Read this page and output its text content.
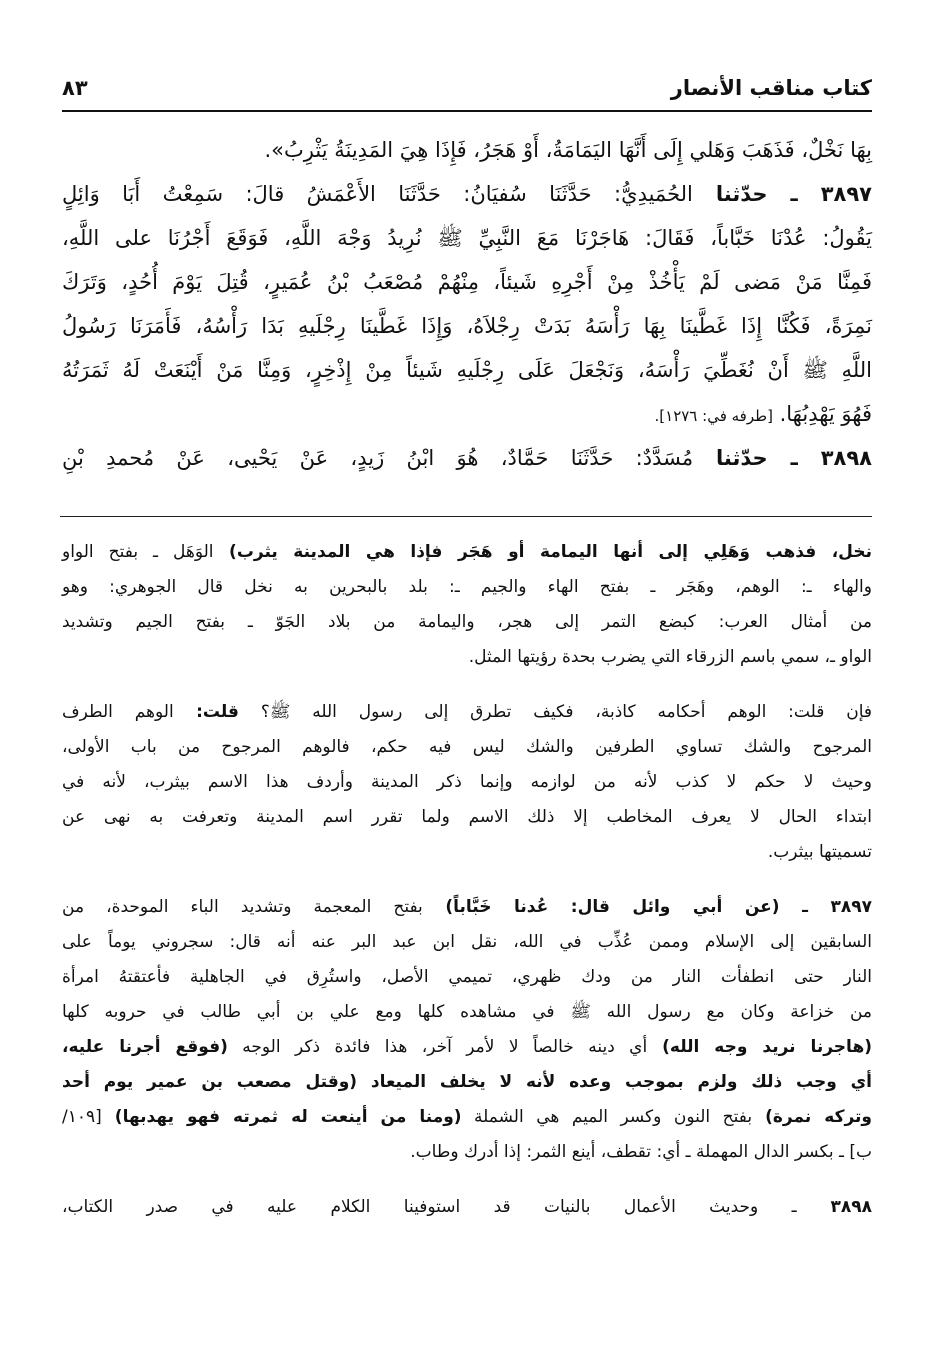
كتاب مناقب الأنصار
٨٣
بِهَا نَخْلٌ، فَذَهَبَ وَهَلي إِلَى أَنَّهَا اليَمَامَةُ، أَوْ هَجَرُ، فَإِذَا هِيَ المَدِينَةُ يَثْرِبُ».
٣٨٩٧ ـ حدّثنا الحُمَيدِيُّ: حَدَّثَنَا سُفيَانُ: حَدَّثَنَا الأَعْمَشُ قالَ: سَمِعْتُ أَبَا وَائِلٍ
يَقُولُ: عُدْنَا خَبَّاباً، فَقَالَ: هَاجَرْنَا مَعَ النَّبِيِّ ﷺ نُرِيدُ وَجْهَ اللَّهِ، فَوَقَعَ أَجْرُنَا على اللَّهِ،
فَمِنَّا مَنْ مَضى لَمْ يَأْخُذْ مِنْ أَجْرِهِ شَيئاً، مِنْهُمْ مُصْعَبُ بْنُ عُمَيرٍ، قُتِلَ يَوْمَ أُحُدٍ، وَتَرَكَ
نَمِرَةً، فَكُنَّا إِذَا غَطَّينَا بِهَا رَأْسَهُ بَدَتْ رِجْلاَهُ، وَإِذَا غَطَّينَا رِجْلَيهِ بَدَا رَأْسُهُ، فَأَمَرَنَا رَسُولُ
اللَّهِ ﷺ أَنْ نُغَطِّيَ رَأْسَهُ، وَنَجْعَلَ عَلَى رِجْلَيهِ شَيئاً مِنْ إِذْخِرٍ، وَمِنَّا مَنْ أَيْنَعَتْ لَهُ ثَمَرَتُهُ
فَهُوَ يَهْدِبُهَا. [طرفه في: ١٢٧٦].
٣٨٩٨ ـ حدّثنا مُسَدَّدٌ: حَدَّثَنَا حَمَّادٌ، هُوَ ابْنُ زَيدٍ، عَنْ يَحْيى، عَنْ مُحمدِ بْنِ
نخل، فذهب وَهَلِي إلى أنها اليمامة أو هَجَر فإذا هي المدينة يثرب) الوَهَل ـ بفتح الواو
والهاء ـ: الوهم، وهَجَر ـ بفتح الهاء والجيم ـ: بلد بالبحرين به نخل قال الجوهري: وهو
من أمثال العرب: كبضع التمر إلى هجر، واليمامة من بلاد الجَوّ ـ بفتح الجيم وتشديد
الواو ـ، سمي باسم الزرقاء التي يضرب بحدة رؤيتها المثل.
فإن قلت: الوهم أحكامه كاذبة، فكيف تطرق إلى رسول الله ﷺ؟ قلت: الوهم الطرف
المرجوح والشك تساوي الطرفين والشك ليس فيه حكم، فالوهم المرجوح من باب الأولى،
وحيث لا حكم لا كذب لأنه من لوازمه وإنما ذكر المدينة وأردف هذا الاسم بيثرب، لأنه في
ابتداء الحال لا يعرف المخاطب إلا ذلك الاسم ولما تقرر اسم المدينة وتعرفت به نهى عن
تسميتها بيثرب.
٣٨٩٧ ـ (عن أبي وائل قال: عُدنا خَبَّاباً) بفتح المعجمة وتشديد الباء الموحدة، من
السابقين إلى الإسلام وممن عُذِّب في الله، نقل ابن عبد البر عنه أنه قال: سجروني يوماً على
النار حتى انطفأت النار من ودك ظهري، تميمي الأصل، واستُرِق في الجاهلية فأعتقتهُ امرأة
من خزاعة وكان مع رسول الله ﷺ في مشاهده كلها ومع علي بن أبي طالب في حروبه كلها
(هاجرنا نريد وجه الله) أي دينه خالصاً لا لأمر آخر، هذا فائدة ذكر الوجه (فوقع أجرنا عليه،
أي وجب ذلك ولزم بموجب وعده لأنه لا يخلف الميعاد (وقتل مصعب بن عمير يوم أحد
وتركه نمرة) بفتح النون وكسر الميم هي الشملة (ومنا من أينعت له ثمرته فهو يهدبها) [١٠٩/
ب] ـ بكسر الدال المهملة ـ أي: تقطف، أينع الثمر: إذا أدرك وطاب.
٣٨٩٨ ـ وحديث الأعمال بالنيات قد استوفينا الكلام عليه في صدر الكتاب،
